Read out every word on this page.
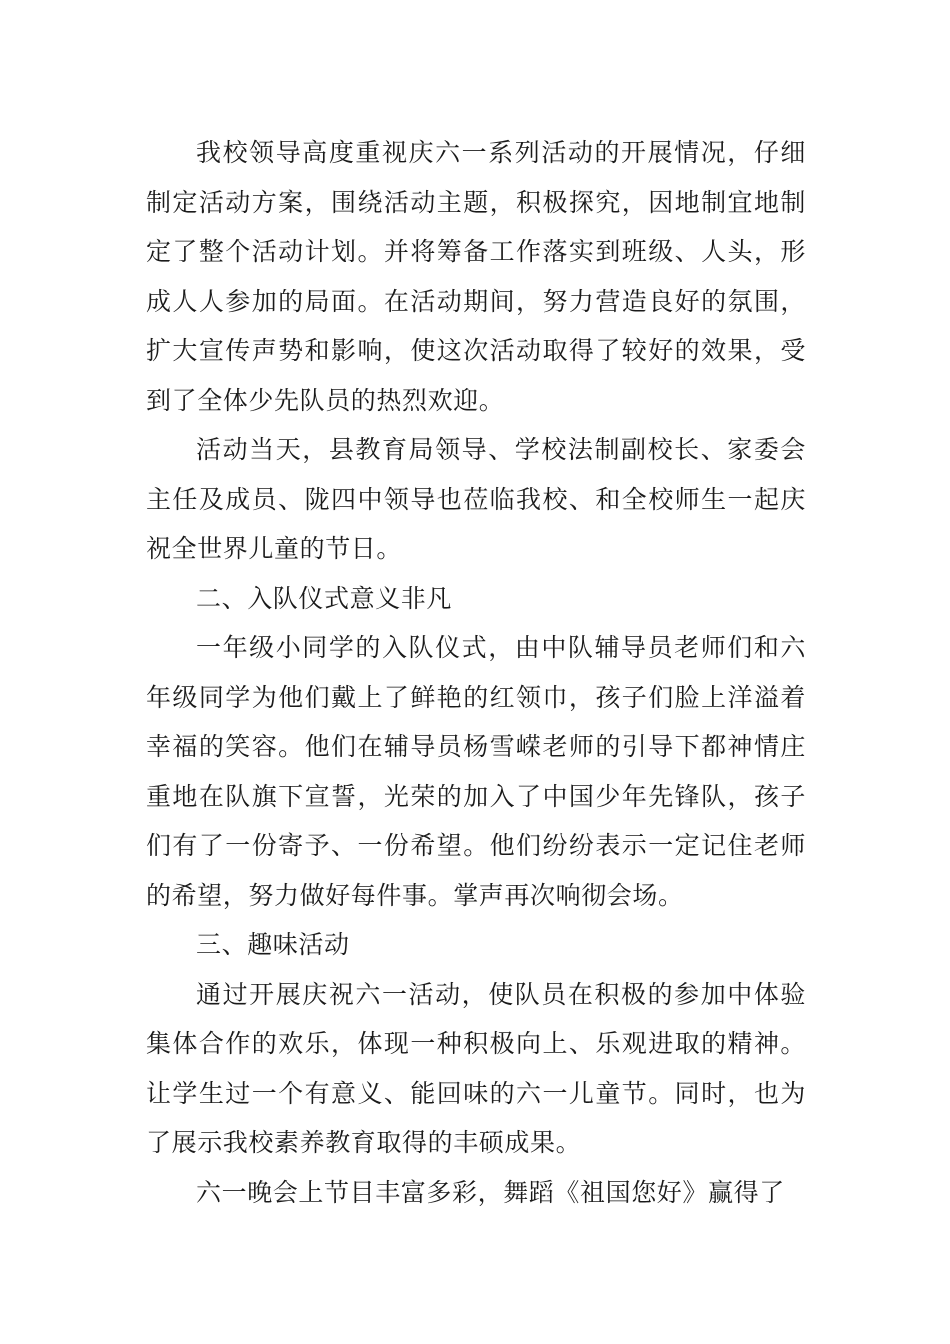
我校领导高度重视庆六一系列活动的开展情况，仔细制定活动方案，围绕活动主题，积极探究，因地制宜地制定了整个活动计划。并将筹备工作落实到班级、人头，形成人人参加的局面。在活动期间，努力营造良好的氛围，扩大宣传声势和影响，使这次活动取得了较好的效果，受到了全体少先队员的热烈欢迎。

活动当天，县教育局领导、学校法制副校长、家委会主任及成员、陇四中领导也莅临我校、和全校师生一起庆祝全世界儿童的节日。

二、入队仪式意义非凡

一年级小同学的入队仪式，由中队辅导员老师们和六年级同学为他们戴上了鲜艳的红领巾，孩子们脸上洋溢着幸福的笑容。他们在辅导员杨雪嵘老师的引导下都神情庄重地在队旗下宣誓，光荣的加入了中国少年先锋队，孩子们有了一份寄予、一份希望。他们纷纷表示一定记住老师的希望，努力做好每件事。掌声再次响彻会场。

三、趣味活动

通过开展庆祝六一活动，使队员在积极的参加中体验集体合作的欢乐，体现一种积极向上、乐观进取的精神。让学生过一个有意义、能回味的六一儿童节。同时，也为了展示我校素养教育取得的丰硕成果。

六一晚会上节目丰富多彩，舞蹈《祖国您好》赢得了
